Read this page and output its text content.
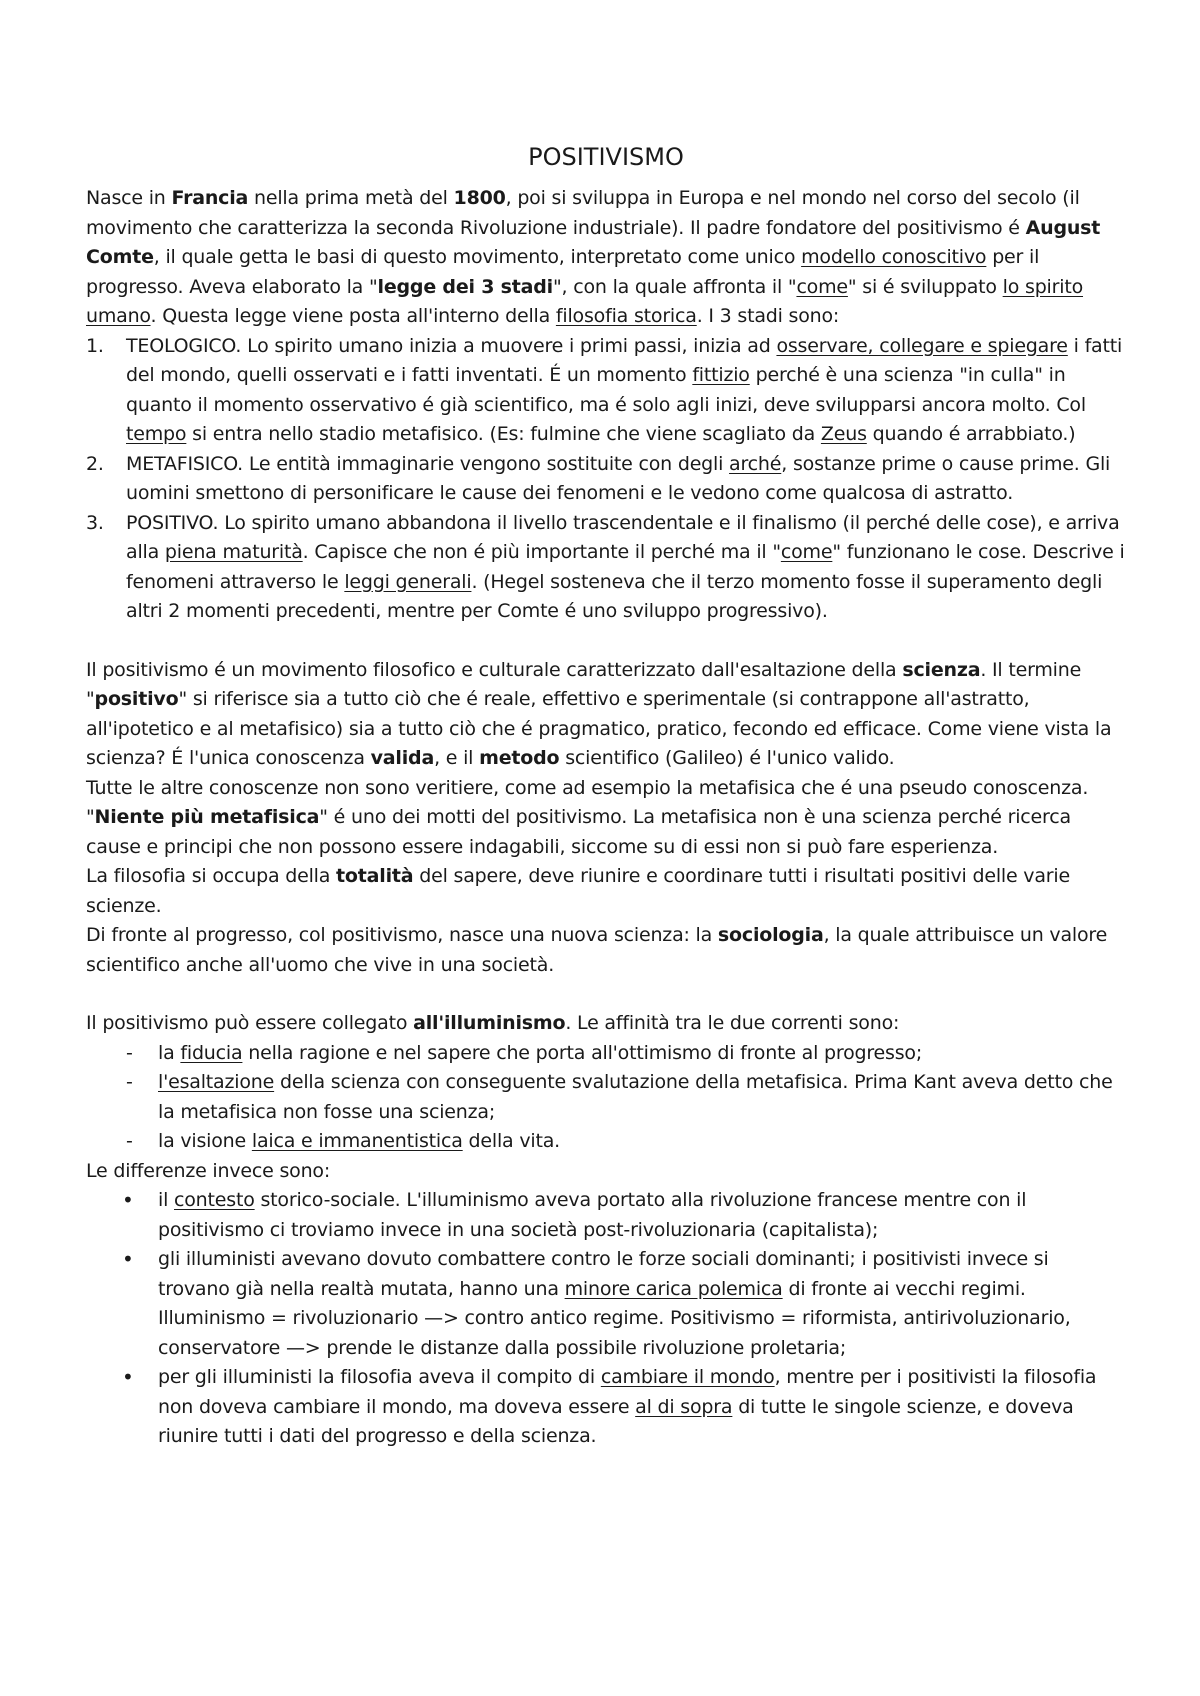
POSITIVISMO

Nasce in Francia nella prima metà del 1800, poi si sviluppa in Europa e nel mondo nel corso del secolo (il movimento che caratterizza la seconda Rivoluzione industriale). Il padre fondatore del positivismo é August Comte, il quale getta le basi di questo movimento, interpretato come unico modello conoscitivo per il progresso. Aveva elaborato la "legge dei 3 stadi", con la quale affronta il "come" si é sviluppato lo spirito umano. Questa legge viene posta all'interno della filosofia storica. I 3 stadi sono:

1.	TEOLOGICO. Lo spirito umano inizia a muovere i primi passi, inizia ad osservare, collegare e spiegare i fatti del mondo, quelli osservati e i fatti inventati. É un momento fittizio perché è una scienza "in culla" in quanto il momento osservativo é già scientifico, ma é solo agli inizi, deve svilupparsi ancora molto. Col tempo si entra nello stadio metafisico. (Es: fulmine che viene scagliato da Zeus quando é arrabbiato.)
2.	METAFISICO. Le entità immaginarie vengono sostituite con degli arché, sostanze prime o cause prime. Gli uomini smettono di personificare le cause dei fenomeni e le vedono come qualcosa di astratto.
3.	POSITIVO. Lo spirito umano abbandona il livello trascendentale e il finalismo (il perché delle cose), e arriva alla piena maturità. Capisce che non é più importante il perché ma il "come" funzionano le cose. Descrive i fenomeni attraverso le leggi generali. (Hegel sosteneva che il terzo momento fosse il superamento degli altri 2 momenti precedenti, mentre per Comte é uno sviluppo progressivo).

Il positivismo é un movimento filosofico e culturale caratterizzato dall'esaltazione della scienza. Il termine "positivo" si riferisce sia a tutto ciò che é reale, effettivo e sperimentale (si contrappone all'astratto, all'ipotetico e al metafisico) sia a tutto ciò che é pragmatico, pratico, fecondo ed efficace. Come viene vista la scienza? É l'unica conoscenza valida, e il metodo scientifico (Galileo) é l'unico valido.

Tutte le altre conoscenze non sono veritiere, come ad esempio la metafisica che é una pseudo conoscenza. "Niente più metafisica" é uno dei motti del positivismo. La metafisica non è una scienza perché ricerca cause e principi che non possono essere indagabili, siccome su di essi non si può fare esperienza.

La filosofia si occupa della totalità del sapere, deve riunire e coordinare tutti i risultati positivi delle varie scienze.

Di fronte al progresso, col positivismo, nasce una nuova scienza: la sociologia, la quale attribuisce un valore scientifico anche all'uomo che vive in una società.

Il positivismo può essere collegato all'illuminismo. Le affinità tra le due correnti sono:

-	la fiducia nella ragione e nel sapere che porta all'ottimismo di fronte al progresso;
-	l'esaltazione della scienza con conseguente svalutazione della metafisica. Prima Kant aveva detto che la metafisica non fosse una scienza;
-	la visione laica e immanentistica della vita.

Le differenze invece sono:

•	il contesto storico-sociale. L'illuminismo aveva portato alla rivoluzione francese mentre con il positivismo ci troviamo invece in una società post-rivoluzionaria (capitalista);
•	gli illuministi avevano dovuto combattere contro le forze sociali dominanti; i positivisti invece si trovano già nella realtà mutata, hanno una minore carica polemica di fronte ai vecchi regimi. Illuminismo = rivoluzionario —> contro antico regime. Positivismo = riformista, antirivoluzionario, conservatore —> prende le distanze dalla possibile rivoluzione proletaria;
•	per gli illuministi la filosofia aveva il compito di cambiare il mondo, mentre per i positivisti la filosofia non doveva cambiare il mondo, ma doveva essere al di sopra di tutte le singole scienze, e doveva riunire tutti i dati del progresso e della scienza.
